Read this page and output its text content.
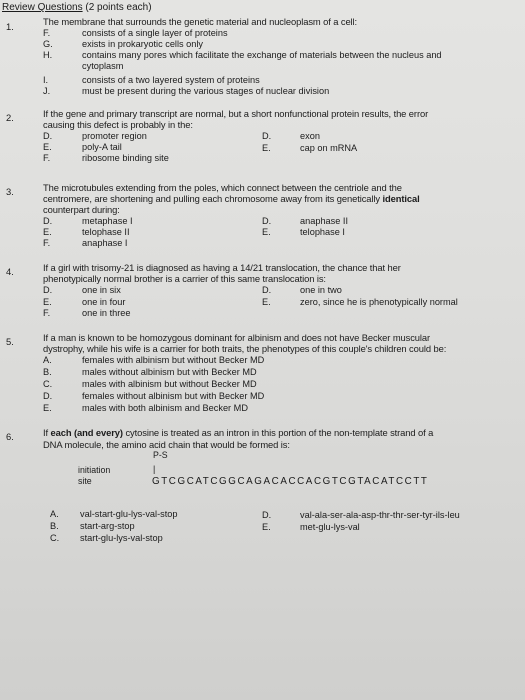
Review Questions (2 points each)
1.	The membrane that surrounds the genetic material and nucleoplasm of a cell:
F.	consists of a single layer of proteins
G.	exists in prokaryotic cells only
H.	contains many pores which facilitate the exchange of materials between the nucleus and
cytoplasm
I.	consists of a two layered system of proteins
J.	must be present during the various stages of nuclear division
2.	If the gene and primary transcript are normal, but a short nonfunctional protein results, the error
causing this defect is probably in the:
D.	promoter region
E.	poly-A tail
F.	ribosome binding site
D.	exon
E.	cap on mRNA
3.	The microtubules extending from the poles, which connect between the centriole and the
centromere, are shortening and pulling each chromosome away from its genetically identical
counterpart during:
D.	metaphase I
E.	telophase II
F.	anaphase I
D.	anaphase II
E.	telophase I
4.	If a girl with trisomy-21 is diagnosed as having a 14/21 translocation, the chance that her
phenotypically normal brother is a carrier of this same translocation is:
D.	one in six
E.	one in four
F.	one in three
D.	one in two
E.	zero, since he is phenotypically normal
5.	If a man is known to be homozygous dominant for albinism and does not have Becker muscular
dystrophy, while his wife is a carrier for both traits, the phenotypes of this couple's children could be:
A.	females with albinism but without Becker MD
B.	males without albinism but with Becker MD
C.	males with albinism but without Becker MD
D.	females without albinism but with Becker MD
E.	males with both albinism and Becker MD
6.	If each (and every) cytosine is treated as an intron in this portion of the non-template strand of a
DNA molecule, the amino acid chain that would be formed is:
P-S
initiation	|
site	GTCGCATCGGCAGACACCACGTCGTACATCCTT
A. val-start-glu-lys-val-stop
B. start-arg-stop
C. start-glu-lys-val-stop
D.	val-ala-ser-ala-asp-thr-thr-ser-tyr-ils-leu
E.	met-glu-lys-val
